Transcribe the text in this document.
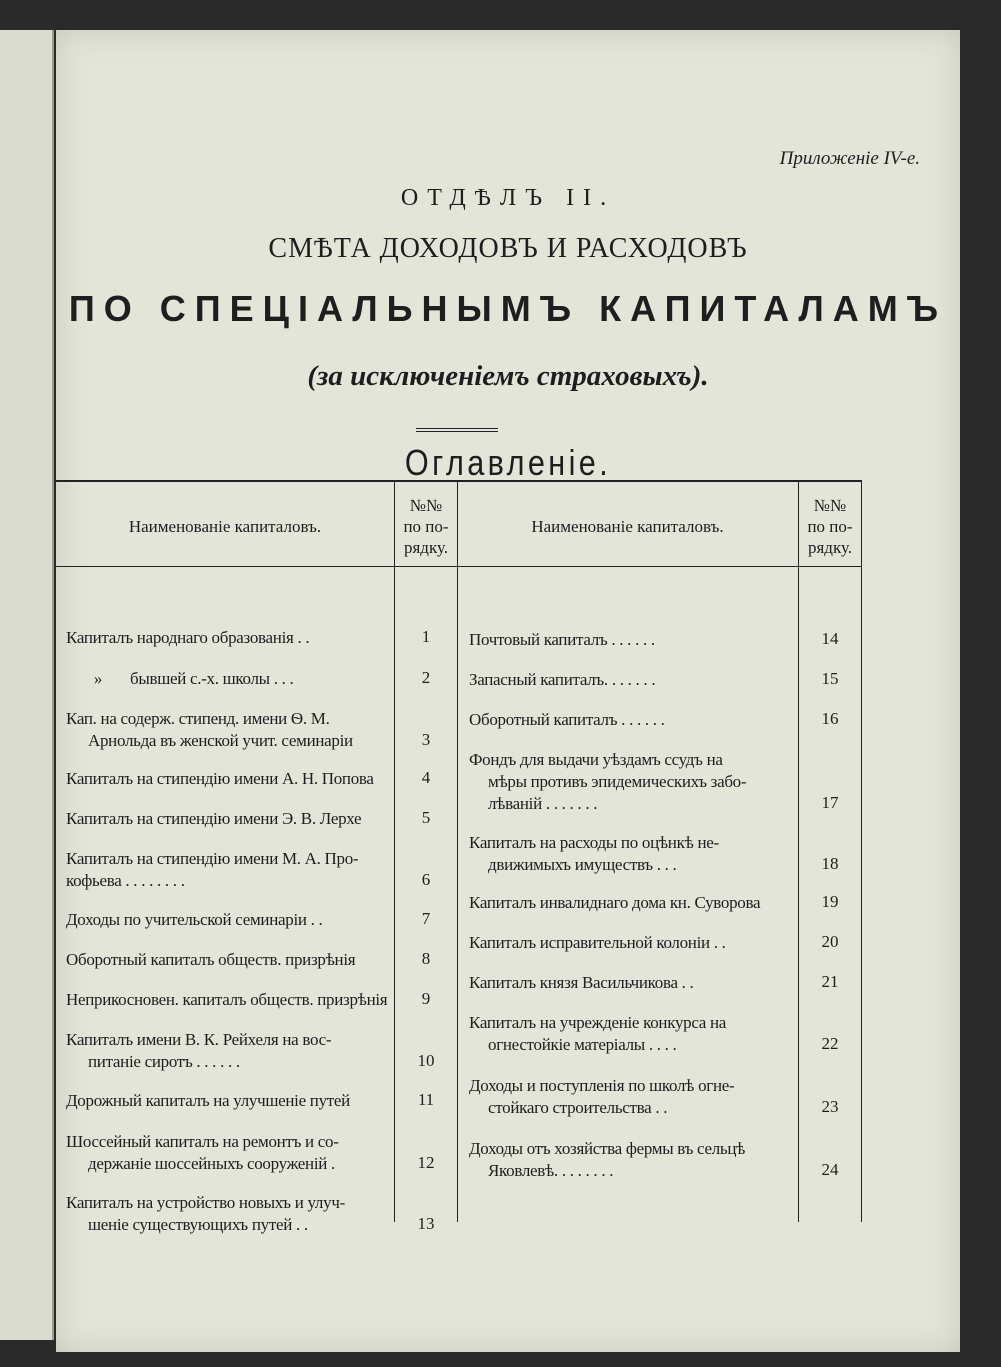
Приложеніе IV-е.
ОТДѢЛЪ II.
СМѢТА ДОХОДОВЪ И РАСХОДОВЪ
ПО СПЕЦІАЛЬНЫМЪ КАПИТАЛАМЪ
(за исключеніемъ страховыхъ).
Оглавленіе.
Наименованіе капиталовъ.
№№
по по-
рядку.
Наименованіе капиталовъ.
№№
по по-
рядку.
Капиталъ народнаго образованія . .	1
» бывшей с.-х. школы . . .	2
Кап. на содерж. стипенд. имени Ѳ. М.
Арнольда въ женской учит. семинаріи	3
Капиталъ на стипендію имени А. Н. Попова	4
Капиталъ на стипендію имени Э. В. Лерхе	5
Капиталъ на стипендію имени М. А. Про-
кофьева . . . . . . . .	6
Доходы по учительской семинаріи . .	7
Оборотный капиталъ обществ. призрѣнія	8
Неприкосновен. капиталъ обществ. призрѣнія	9
Капиталъ имени В. К. Рейхеля на вос-
питаніе сиротъ . . . . . .	10
Дорожный капиталъ на улучшеніе путей	11
Шоссейный капиталъ на ремонтъ и со-
держаніе шоссейныхъ сооруженій .	12
Капиталъ на устройство новыхъ и улуч-
шеніе существующихъ путей . .	13
Почтовый капиталъ . . . . . .	14
Запасный капиталъ. . . . . . .	15
Оборотный капиталъ . . . . . .	16
Фондъ для выдачи уѣздамъ ссудъ на
мѣры противъ эпидемическихъ забо-
лѣваній . . . . . . .	17
Капиталъ на расходы по оцѣнкѣ не-
движимыхъ имуществъ . . .	18
Капиталъ инвалиднаго дома кн. Суворова	19
Капиталъ исправительной колоніи . .	20
Капиталъ князя Васильчикова . .	21
Капиталъ на учрежденіе конкурса на
огнестойкіе матеріалы . . . .	22
Доходы и поступленія по школѣ огне-
стойкаго строительства . .	23
Доходы отъ хозяйства фермы въ сельцѣ
Яковлевѣ. . . . . . . .	24
